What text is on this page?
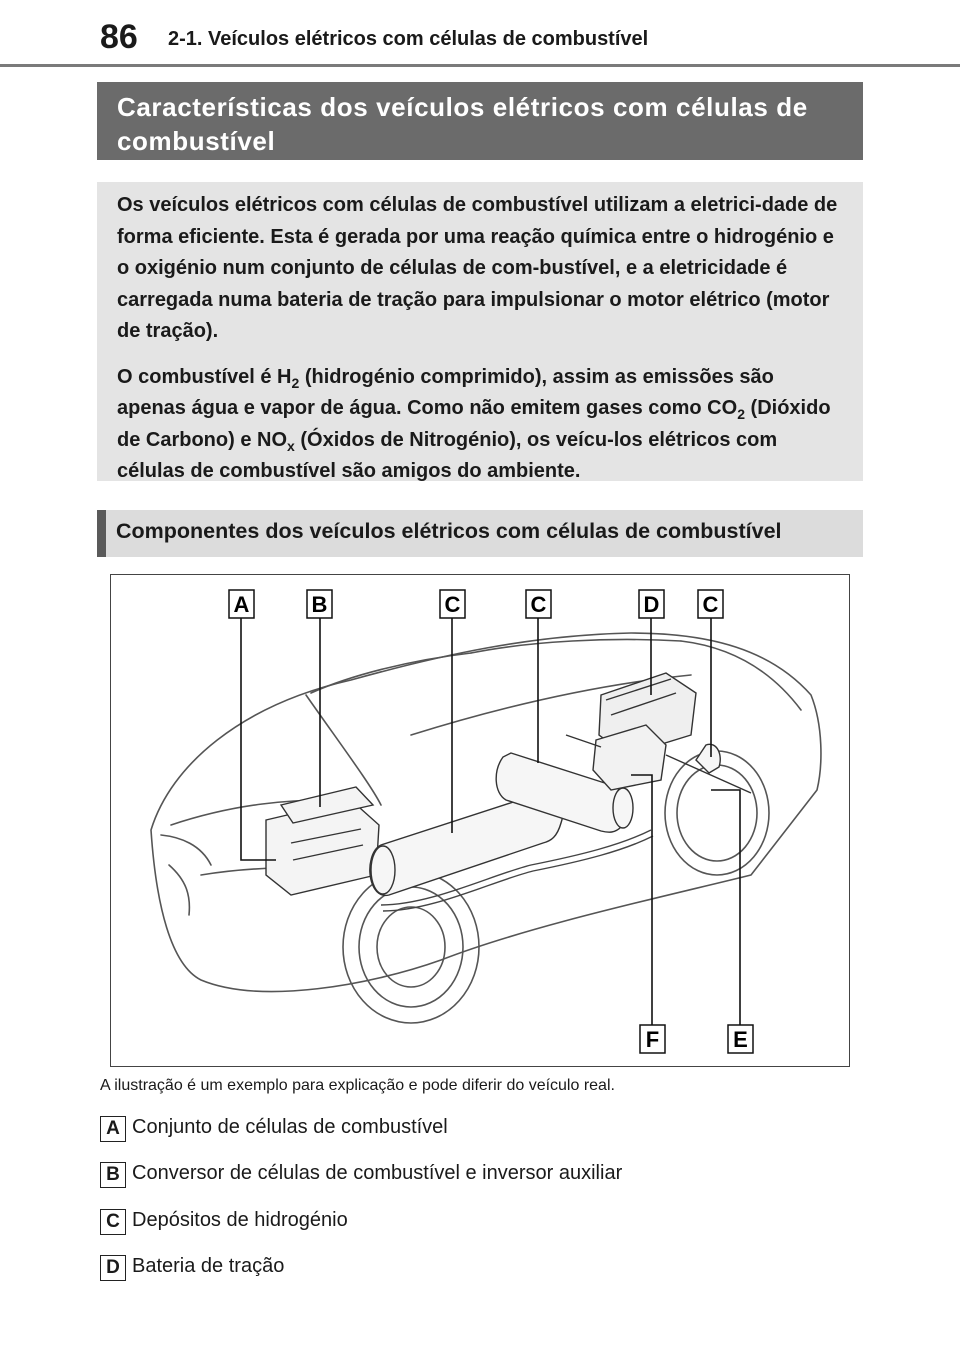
86 2-1. Veículos elétricos com células de combustível
Características dos veículos elétricos com células de combustível

Os veículos elétricos com células de combustível utilizam a eletrici-dade de forma eficiente. Esta é gerada por uma reação química entre o hidrogénio e o oxigénio num conjunto de células de com-bustível, e a eletricidade é carregada numa bateria de tração para impulsionar o motor elétrico (motor de tração).

O combustível é $H_2$ (hidrogénio comprimido), assim as emissões são apenas água e vapor de água. Como não emitem gases como $CO_2$ (Dióxido de Carbono) e $NO_x$ (Óxidos de Nitrogénio), os veícu-los elétricos com células de combustível são amigos do ambiente.

Componentes dos veículos elétricos com células de combustível
A	B	C	C	D C
F	E
A ilustração é um exemplo para explicação e pode diferir do veículo real.
A Conjunto de células de combustível
B Conversor de células de combustível e inversor auxiliar
C Depósitos de hidrogénio
D Bateria de tração
